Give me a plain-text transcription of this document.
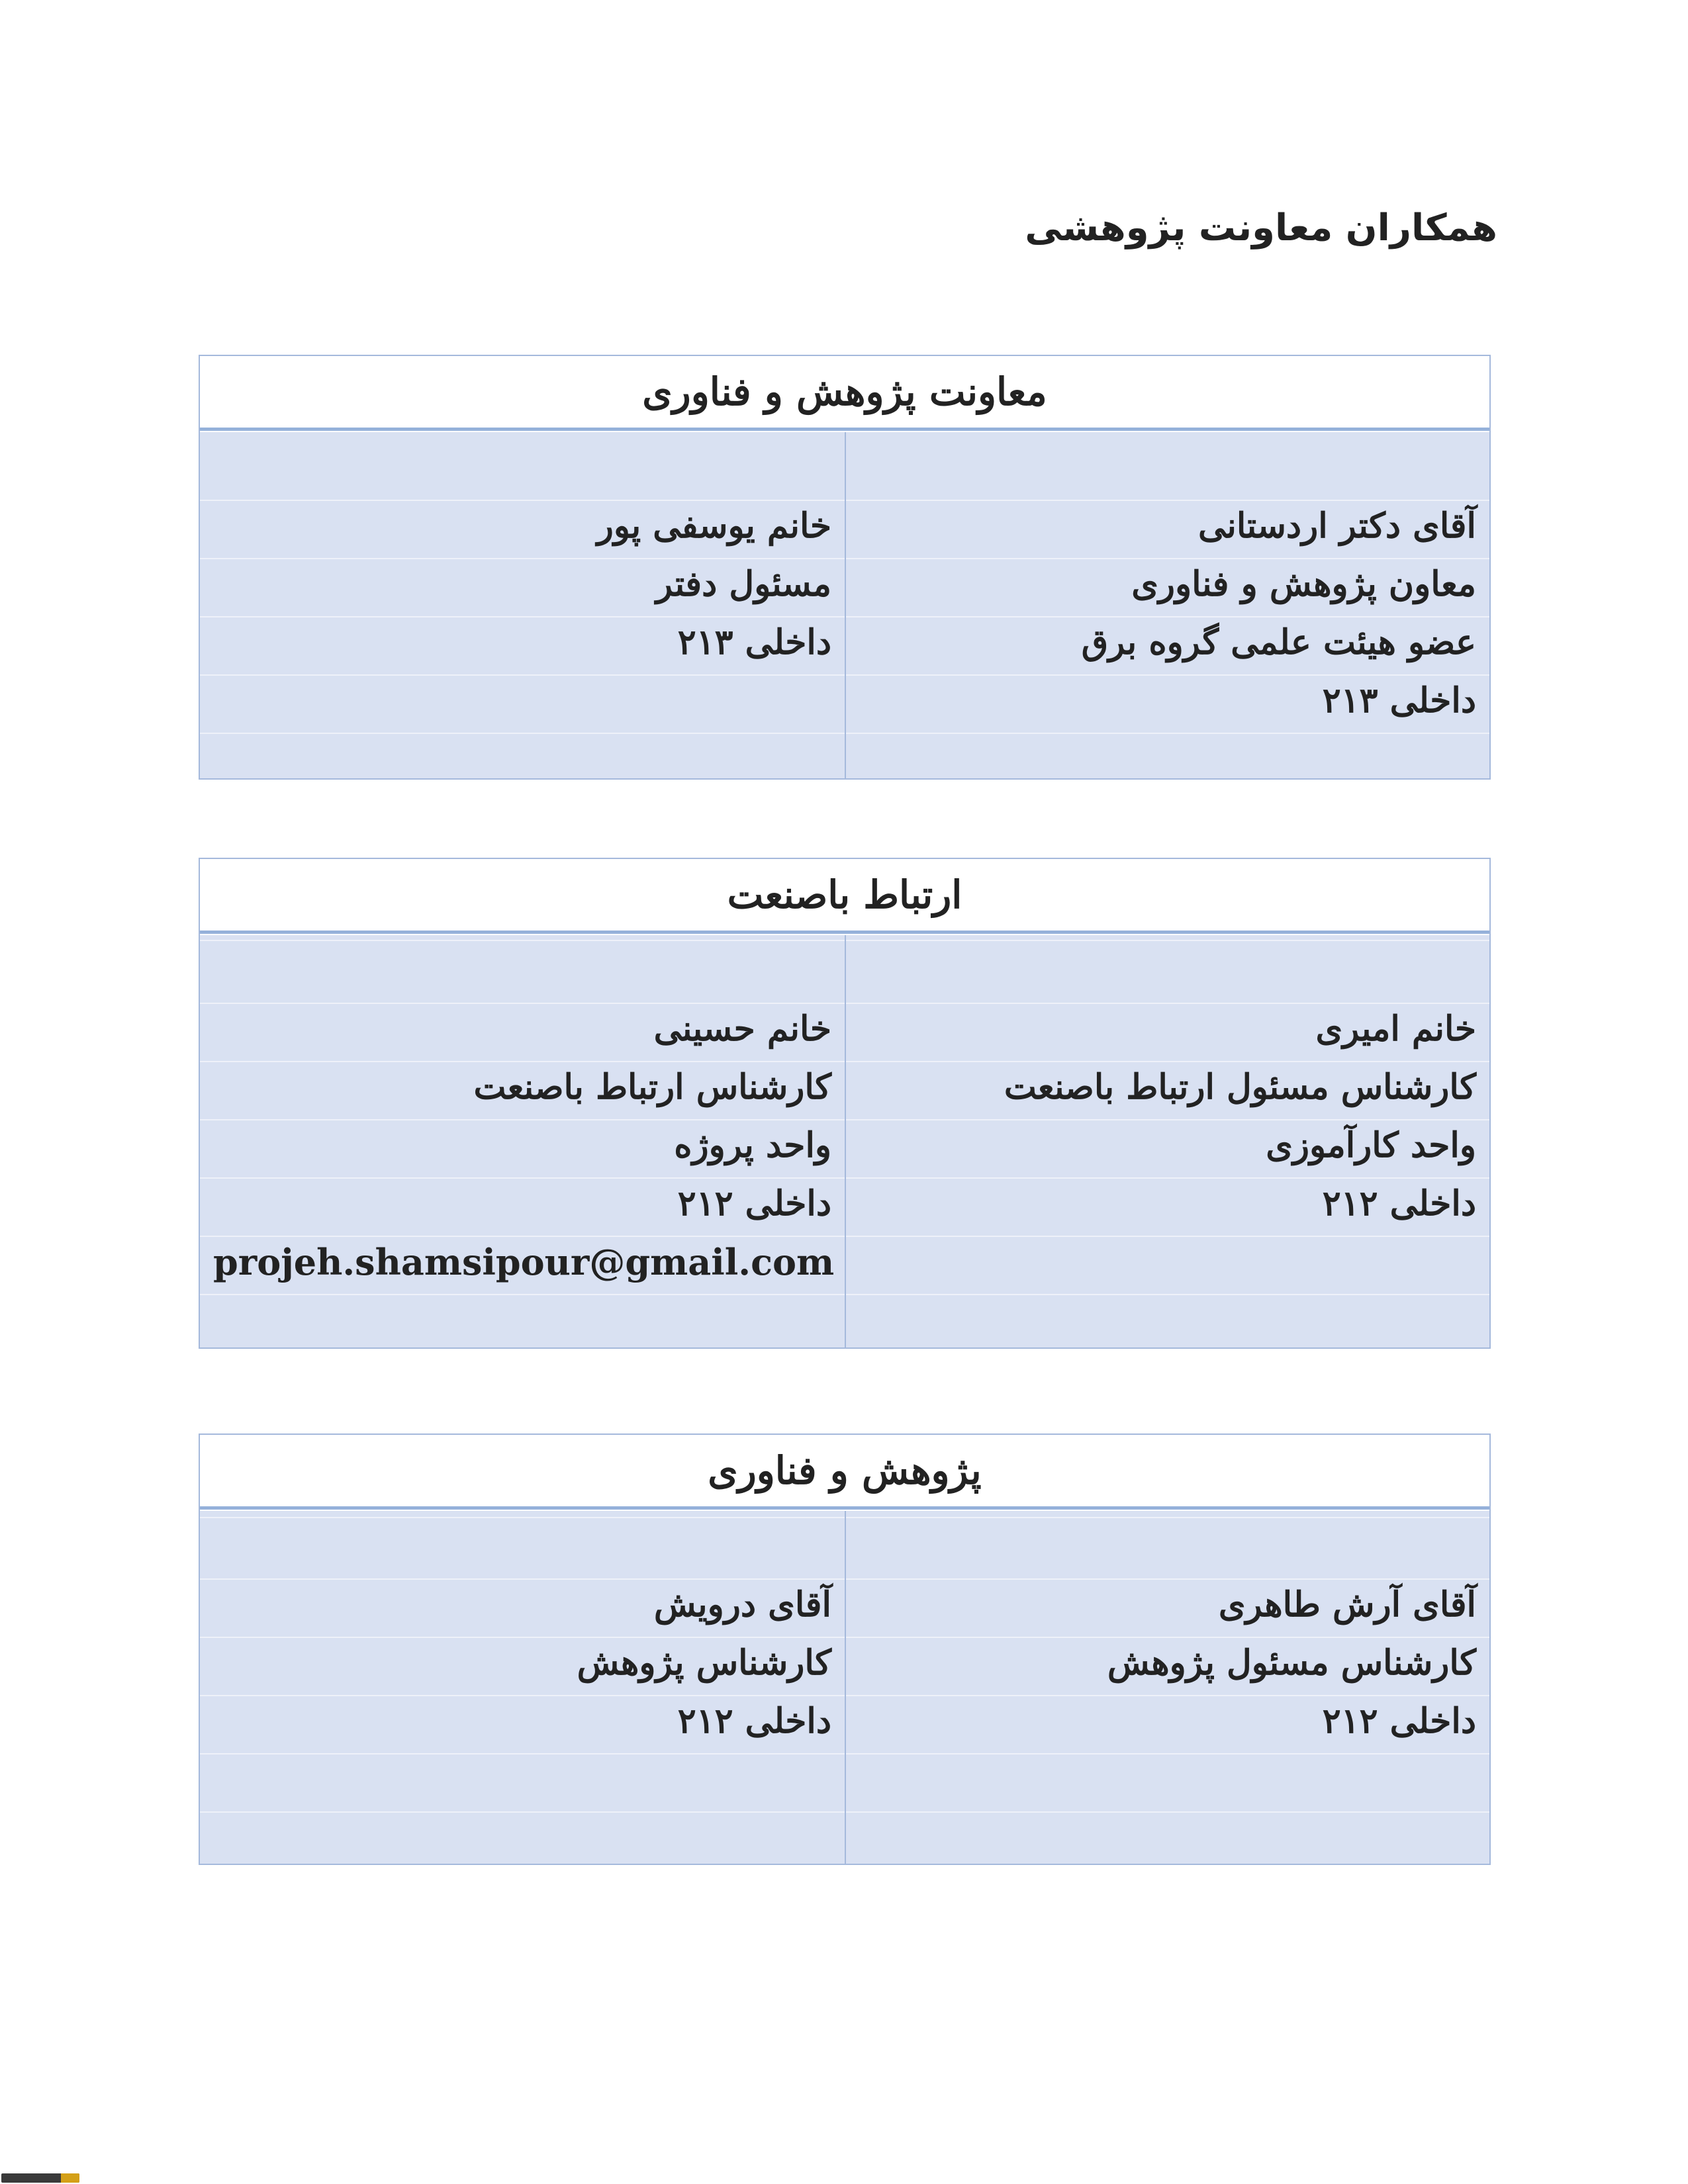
همکاران معاونت پژوهشی
معاونت پژوهش و فناوری
آقای دکتر اردستانی
معاون پژوهش و فناوری
عضو هیئت علمی گروه برق
داخلی ۲۱۳
خانم یوسفی پور
مسئول دفتر
داخلی ۲۱۳
ارتباط باصنعت
خانم امیری
کارشناس مسئول ارتباط باصنعت
واحد کارآموزی
داخلی ۲۱۲
خانم حسینی
کارشناس ارتباط باصنعت
واحد پروژه
داخلی ۲۱۲
projeh.shamsipour@gmail.com
پژوهش و فناوری
آقای آرش طاهری
کارشناس مسئول پژوهش
داخلی ۲۱۲
آقای درویش
کارشناس پژوهش
داخلی ۲۱۲
